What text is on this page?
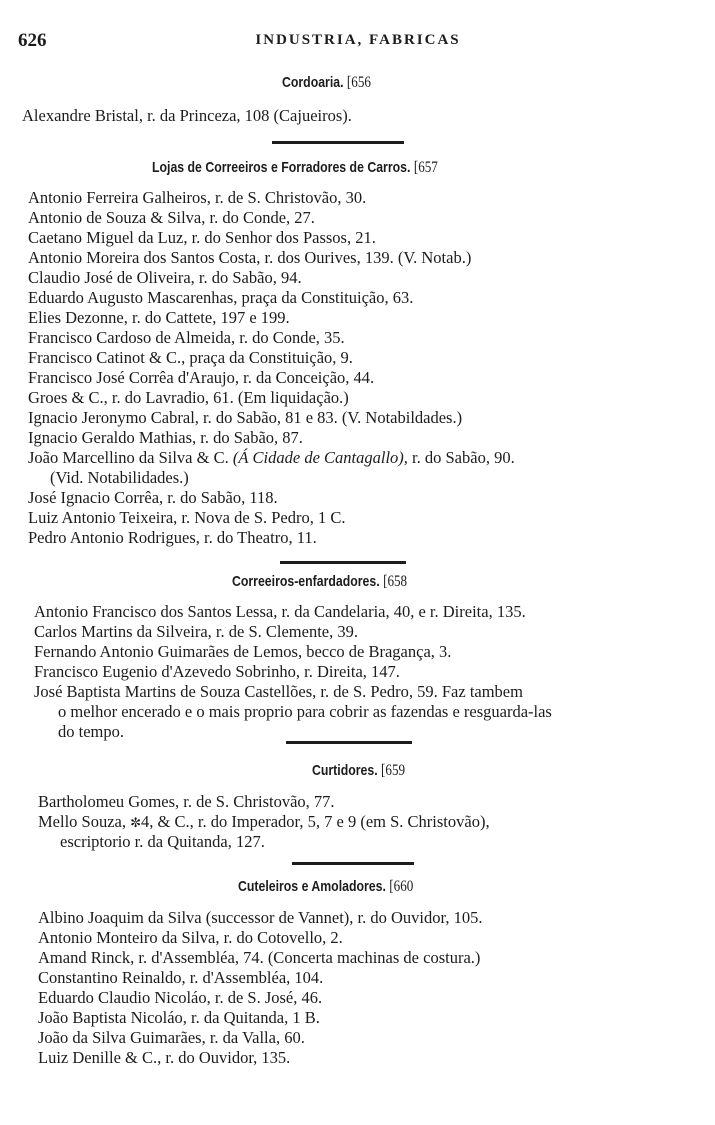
626	INDUSTRIA, FABRICAS
Cordoaria. [656
Alexandre Bristal, r. da Princeza, 108 (Cajueiros).
Lojas de Correeiros e Forradores de Carros. [657
Antonio Ferreira Galheiros, r. de S. Christovão, 30.
Antonio de Souza & Silva, r. do Conde, 27.
Caetano Miguel da Luz, r. do Senhor dos Passos, 21.
Antonio Moreira dos Santos Costa, r. dos Ourives, 139. (V. Notab.)
Claudio José de Oliveira, r. do Sabão, 94.
Eduardo Augusto Mascarenhas, praça da Constituição, 63.
Elies Dezonne, r. do Cattete, 197 e 199.
Francisco Cardoso de Almeida, r. do Conde, 35.
Francisco Catinot & C., praça da Constituição, 9.
Francisco José Corrêa d'Araujo, r. da Conceição, 44.
Groes & C., r. do Lavradio, 61. (Em liquidação.)
Ignacio Jeronymo Cabral, r. do Sabão, 81 e 83. (V. Notabildades.)
Ignacio Geraldo Mathias, r. do Sabão, 87.
João Marcellino da Silva & C. (Á Cidade de Cantagallo), r. do Sabão, 90.
(Vid. Notabilidades.)
José Ignacio Corrêa, r. do Sabão, 118.
Luiz Antonio Teixeira, r. Nova de S. Pedro, 1 C.
Pedro Antonio Rodrigues, r. do Theatro, 11.
Correeiros-enfardadores. [658
Antonio Francisco dos Santos Lessa, r. da Candelaria, 40, e r. Direita, 135.
Carlos Martins da Silveira, r. de S. Clemente, 39.
Fernando Antonio Guimarães de Lemos, becco de Bragança, 3.
Francisco Eugenio d'Azevedo Sobrinho, r. Direita, 147.
José Baptista Martins de Souza Castellões, r. de S. Pedro, 59. Faz tambem
o melhor encerado e o mais proprio para cobrir as fazendas e resguarda-las
do tempo.
Curtidores. [659
Bartholomeu Gomes, r. de S. Christovão, 77.
Mello Souza, ✼4, & C., r. do Imperador, 5, 7 e 9 (em S. Christovão),
escriptorio r. da Quitanda, 127.
Cuteleiros e Amoladores. [660
Albino Joaquim da Silva (successor de Vannet), r. do Ouvidor, 105.
Antonio Monteiro da Silva, r. do Cotovello, 2.
Amand Rinck, r. d'Assembléa, 74. (Concerta machinas de costura.)
Constantino Reinaldo, r. d'Assembléa, 104.
Eduardo Claudio Nicoláo, r. de S. José, 46.
João Baptista Nicoláo, r. da Quitanda, 1 B.
João da Silva Guimarães, r. da Valla, 60.
Luiz Denille & C., r. do Ouvidor, 135.
